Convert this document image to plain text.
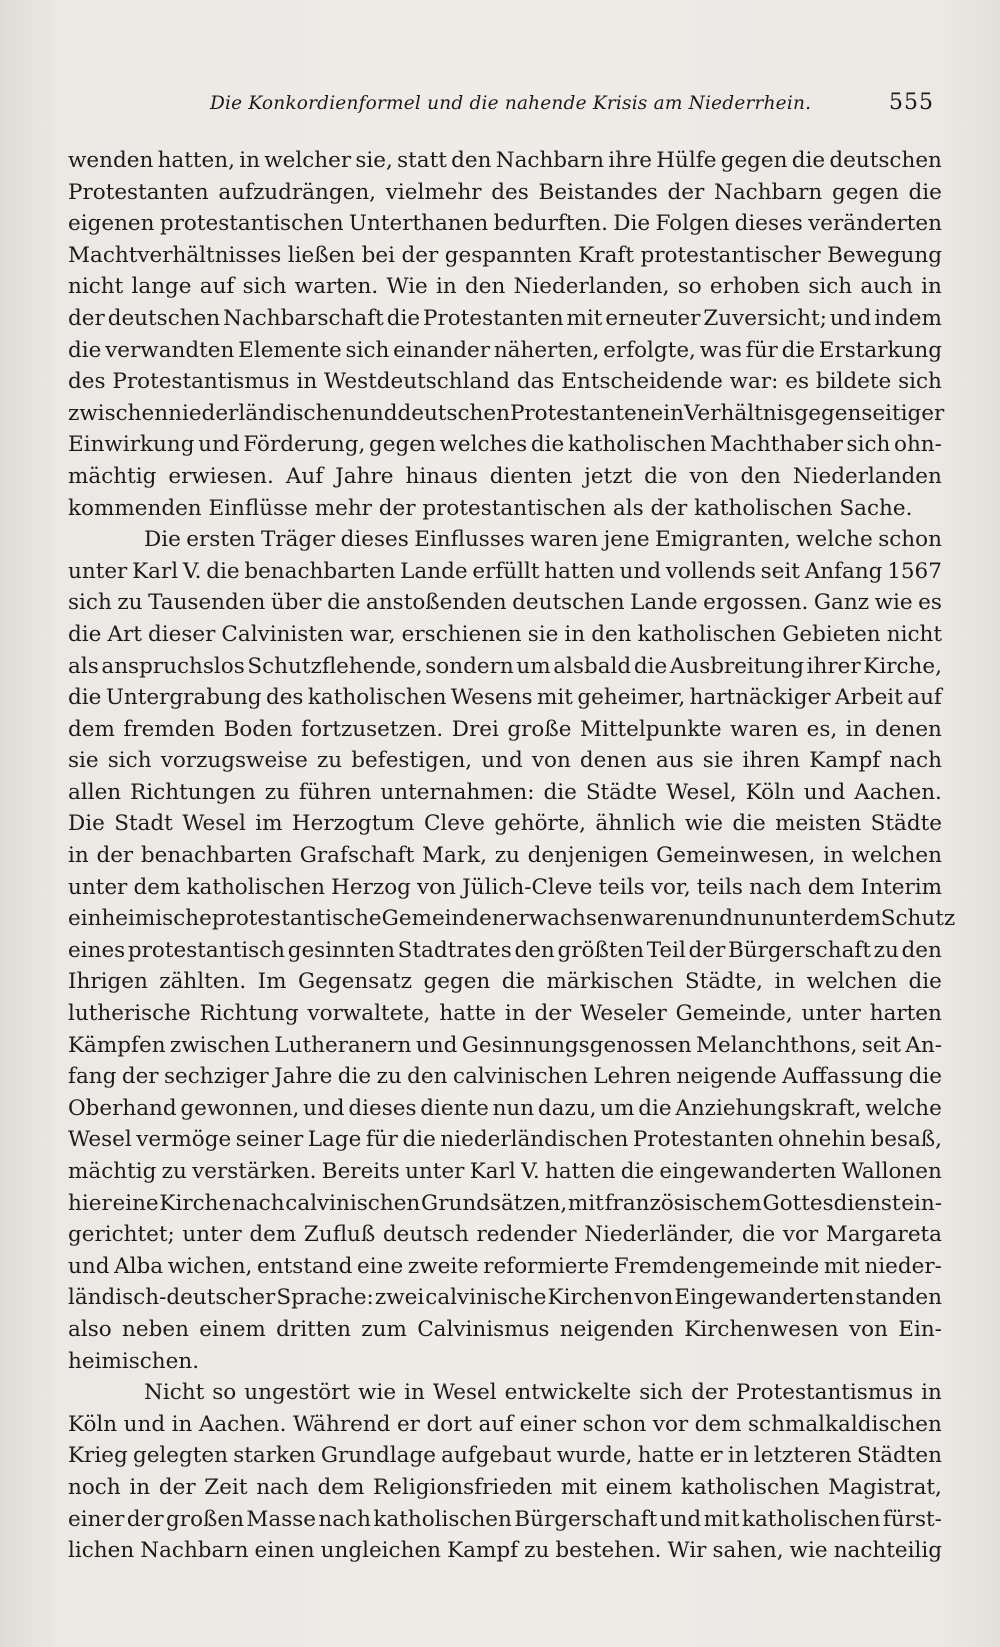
Die Konkordienformel und die nahende Krisis am Niederrhein.	555
wenden hatten, in welcher sie, statt den Nachbarn ihre Hülfe gegen die deutschen
Protestanten aufzudrängen, vielmehr des Beistandes der Nachbarn gegen die
eigenen protestantischen Unterthanen bedurften. Die Folgen dieses veränderten
Machtverhältnisses ließen bei der gespannten Kraft protestantischer Bewegung
nicht lange auf sich warten. Wie in den Niederlanden, so erhoben sich auch in
der deutschen Nachbarschaft die Protestanten mit erneuter Zuversicht; und indem
die verwandten Elemente sich einander näherten, erfolgte, was für die Erstarkung
des Protestantismus in Westdeutschland das Entscheidende war: es bildete sich
zwischen niederländischen und deutschen Protestanten ein Verhältnis gegenseitiger
Einwirkung und Förderung, gegen welches die katholischen Machthaber sich ohn-
mächtig erwiesen. Auf Jahre hinaus dienten jetzt die von den Niederlanden
kommenden Einflüsse mehr der protestantischen als der katholischen Sache.
Die ersten Träger dieses Einflusses waren jene Emigranten, welche schon
unter Karl V. die benachbarten Lande erfüllt hatten und vollends seit Anfang 1567
sich zu Tausenden über die anstoßenden deutschen Lande ergossen. Ganz wie es
die Art dieser Calvinisten war, erschienen sie in den katholischen Gebieten nicht
als anspruchslos Schutzflehende, sondern um alsbald die Ausbreitung ihrer Kirche,
die Untergrabung des katholischen Wesens mit geheimer, hartnäckiger Arbeit auf
dem fremden Boden fortzusetzen. Drei große Mittelpunkte waren es, in denen
sie sich vorzugsweise zu befestigen, und von denen aus sie ihren Kampf nach
allen Richtungen zu führen unternahmen: die Städte Wesel, Köln und Aachen.
Die Stadt Wesel im Herzogtum Cleve gehörte, ähnlich wie die meisten Städte
in der benachbarten Grafschaft Mark, zu denjenigen Gemeinwesen, in welchen
unter dem katholischen Herzog von Jülich-Cleve teils vor, teils nach dem Interim
einheimische protestantische Gemeinden erwachsen waren und nun unter dem Schutz
eines protestantisch gesinnten Stadtrates den größten Teil der Bürgerschaft zu den
Ihrigen zählten. Im Gegensatz gegen die märkischen Städte, in welchen die
lutherische Richtung vorwaltete, hatte in der Weseler Gemeinde, unter harten
Kämpfen zwischen Lutheranern und Gesinnungsgenossen Melanchthons, seit An-
fang der sechziger Jahre die zu den calvinischen Lehren neigende Auffassung die
Oberhand gewonnen, und dieses diente nun dazu, um die Anziehungskraft, welche
Wesel vermöge seiner Lage für die niederländischen Protestanten ohnehin besaß,
mächtig zu verstärken. Bereits unter Karl V. hatten die eingewanderten Wallonen
hier eine Kirche nach calvinischen Grundsätzen, mit französischem Gottesdienst ein-
gerichtet; unter dem Zufluß deutsch redender Niederländer, die vor Margareta
und Alba wichen, entstand eine zweite reformierte Fremdengemeinde mit nieder-
ländisch-deutscher Sprache: zwei calvinische Kirchen von Eingewanderten standen
also neben einem dritten zum Calvinismus neigenden Kirchenwesen von Ein-
heimischen.
Nicht so ungestört wie in Wesel entwickelte sich der Protestantismus in
Köln und in Aachen. Während er dort auf einer schon vor dem schmalkaldischen
Krieg gelegten starken Grundlage aufgebaut wurde, hatte er in letzteren Städten
noch in der Zeit nach dem Religionsfrieden mit einem katholischen Magistrat,
einer der großen Masse nach katholischen Bürgerschaft und mit katholischen fürst-
lichen Nachbarn einen ungleichen Kampf zu bestehen. Wir sahen, wie nachteilig
